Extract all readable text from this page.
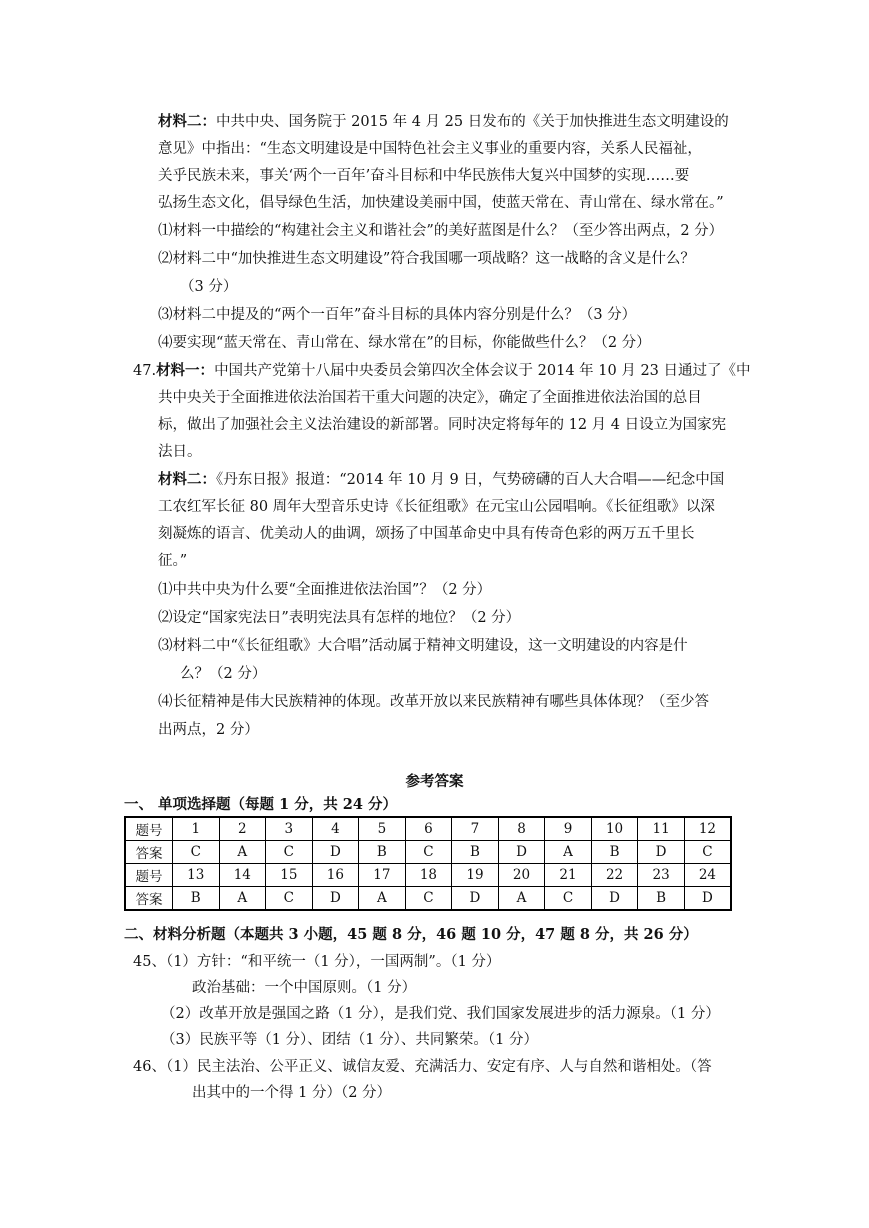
材料二：中共中央、国务院于 2015 年 4 月 25 日发布的《关于加快推进生态文明建设的
意见》中指出：“生态文明建设是中国特色社会主义事业的重要内容，关系人民福祉，
关乎民族未来，事关‘两个一百年’奋斗目标和中华民族伟大复兴中国梦的实现……要
弘扬生态文化，倡导绿色生活，加快建设美丽中国，使蓝天常在、青山常在、绿水常在。”
⑴材料一中描绘的“构建社会主义和谐社会”的美好蓝图是什么？（至少答出两点，2 分）
⑵材料二中“加快推进生态文明建设”符合我国哪一项战略？这一战略的含义是什么？
（3 分）
⑶材料二中提及的“两个一百年”奋斗目标的具体内容分别是什么？（3 分）
⑷要实现“蓝天常在、青山常在、绿水常在”的目标，你能做些什么？（2 分）
47.材料一：中国共产党第十八届中央委员会第四次全体会议于 2014 年 10 月 23 日通过了《中
共中央关于全面推进依法治国若干重大问题的决定》，确定了全面推进依法治国的总目
标，做出了加强社会主义法治建设的新部署。同时决定将每年的 12 月 4 日设立为国家宪
法日。
材料二：《丹东日报》报道：“2014 年 10 月 9 日，气势磅礴的百人大合唱——纪念中国
工农红军长征 80 周年大型音乐史诗《长征组歌》在元宝山公园唱响。《长征组歌》以深
刻凝炼的语言、优美动人的曲调，颂扬了中国革命史中具有传奇色彩的两万五千里长
征。”
⑴中共中央为什么要“全面推进依法治国”？（2 分）
⑵设定“国家宪法日”表明宪法具有怎样的地位？（2 分）
⑶材料二中“《长征组歌》大合唱”活动属于精神文明建设，这一文明建设的内容是什
么？（2 分）
⑷长征精神是伟大民族精神的体现。改革开放以来民族精神有哪些具体体现？（至少答
出两点，2 分）
参考答案
一、 单项选择题（每题 1 分，共 24 分）
题号	1	2	3	4	5	6	7	8	9	10	11	12
答案	C	A	C	D	B	C	B	D	A	B	D	C
题号	13	14	15	16	17	18	19	20	21	22	23	24
答案	B	A	C	D	A	C	D	A	C	D	B	D
二、材料分析题（本题共 3 小题，45 题 8 分，46 题 10 分，47 题 8 分，共 26 分）
45、（1）方针：“和平统一（1 分），一国两制”。（1 分）
政治基础：一个中国原则。（1 分）
（2）改革开放是强国之路（1 分），是我们党、我们国家发展进步的活力源泉。（1 分）
（3）民族平等（1 分）、团结（1 分）、共同繁荣。（1 分）
46、（1）民主法治、公平正义、诚信友爱、充满活力、安定有序、人与自然和谐相处。（答
出其中的一个得 1 分）（2 分）
